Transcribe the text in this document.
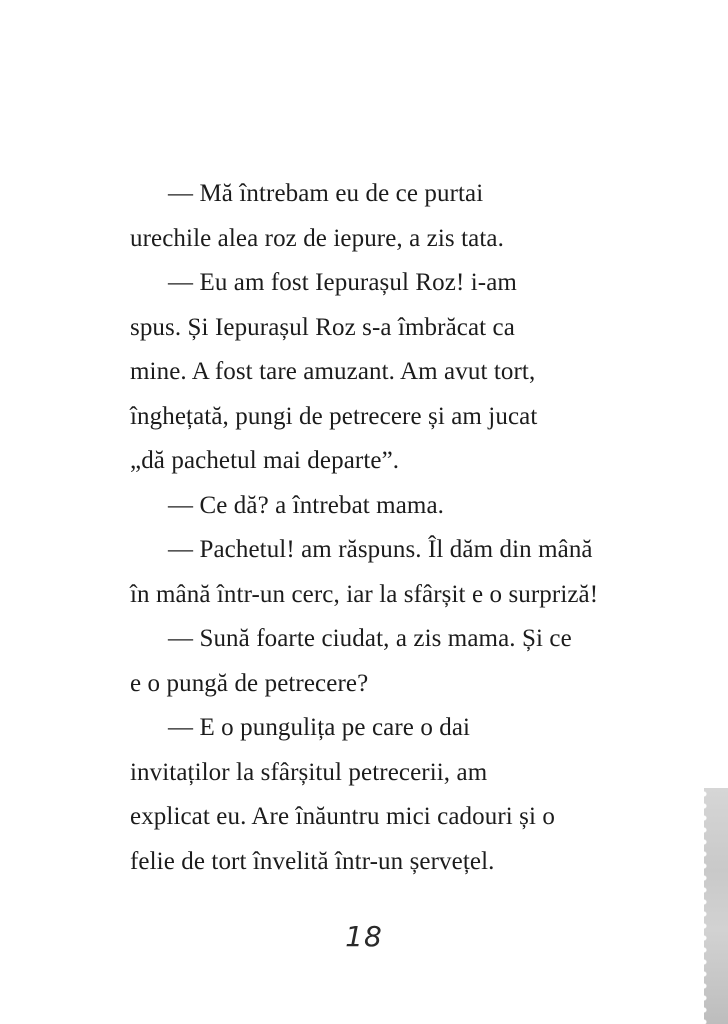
— Mă întrebam eu de ce purtai
urechile alea roz de iepure, a zis tata.
— Eu am fost Iepurașul Roz! i-am
spus. Și Iepurașul Roz s-a îmbrăcat ca
mine. A fost tare amuzant. Am avut tort,
înghețată, pungi de petrecere și am jucat
„dă pachetul mai departe”.
— Ce dă? a întrebat mama.
— Pachetul! am răspuns. Îl dăm din mână
în mână într-un cerc, iar la sfârșit e o surpriză!
— Sună foarte ciudat, a zis mama. Și ce
e o pungă de petrecere?
— E o pungulița pe care o dai
invitaților la sfârșitul petrecerii, am
explicat eu. Are înăuntru mici cadouri și o
felie de tort învelită într-un șervețel.
18
